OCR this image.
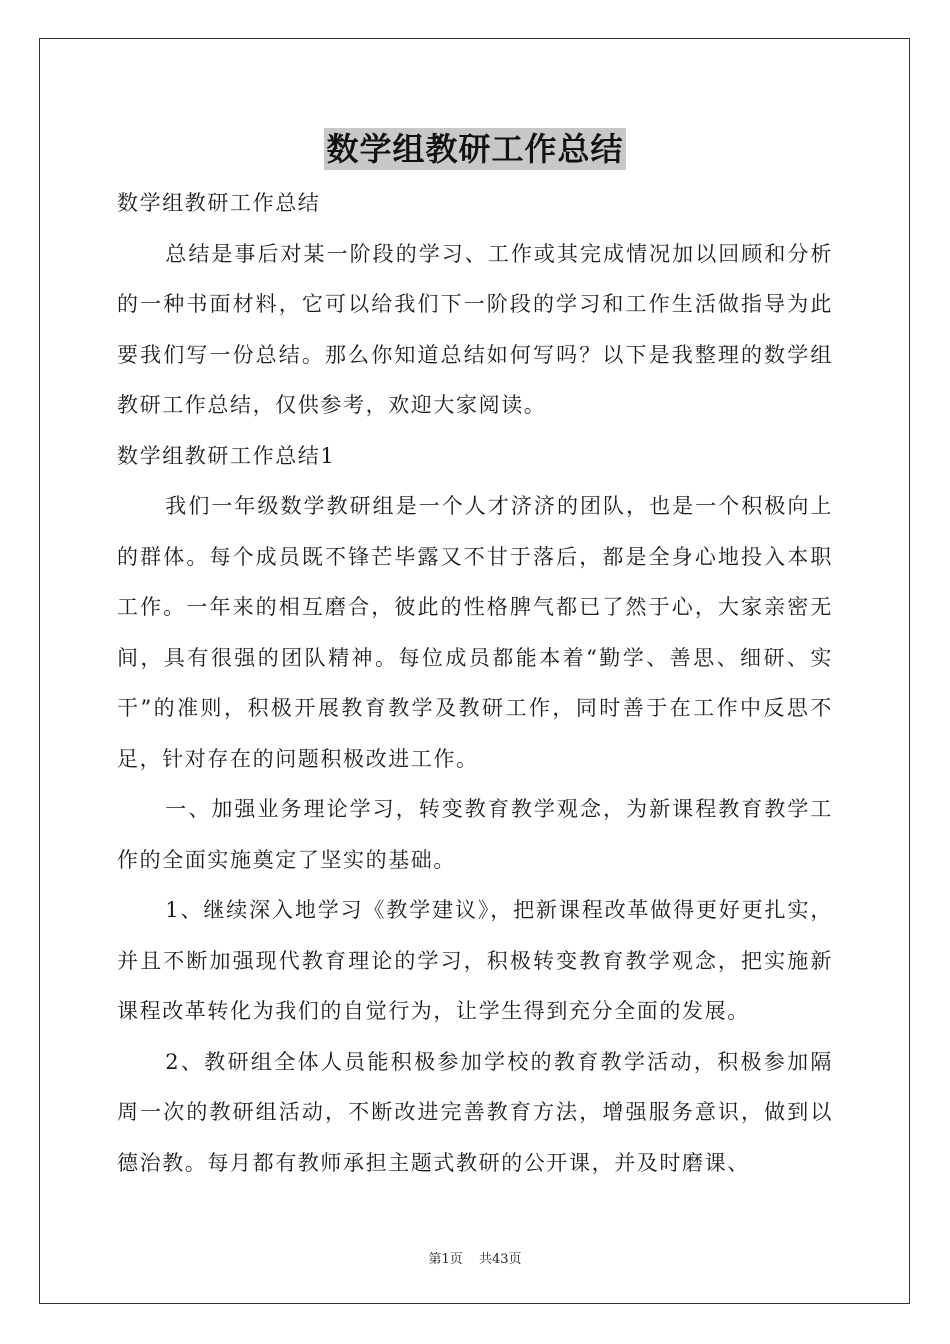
数学组教研工作总结

数学组教研工作总结

总结是事后对某一阶段的学习、工作或其完成情况加以回顾和分析的一种书面材料，它可以给我们下一阶段的学习和工作生活做指导为此要我们写一份总结。那么你知道总结如何写吗？以下是我整理的数学组教研工作总结，仅供参考，欢迎大家阅读。

数学组教研工作总结1

我们一年级数学教研组是一个人才济济的团队，也是一个积极向上的群体。每个成员既不锋芒毕露又不甘于落后，都是全身心地投入本职工作。一年来的相互磨合，彼此的性格脾气都已了然于心，大家亲密无间，具有很强的团队精神。每位成员都能本着“勤学、善思、细研、实干”的准则，积极开展教育教学及教研工作，同时善于在工作中反思不足，针对存在的问题积极改进工作。

一、加强业务理论学习，转变教育教学观念，为新课程教育教学工作的全面实施奠定了坚实的基础。

1、继续深入地学习《教学建议》，把新课程改革做得更好更扎实，并且不断加强现代教育理论的学习，积极转变教育教学观念，把实施新课程改革转化为我们的自觉行为，让学生得到充分全面的发展。

2、教研组全体人员能积极参加学校的教育教学活动，积极参加隔周一次的教研组活动，不断改进完善教育方法，增强服务意识，做到以德治教。每月都有教师承担主题式教研的公开课，并及时磨课、

第1页 共43页
